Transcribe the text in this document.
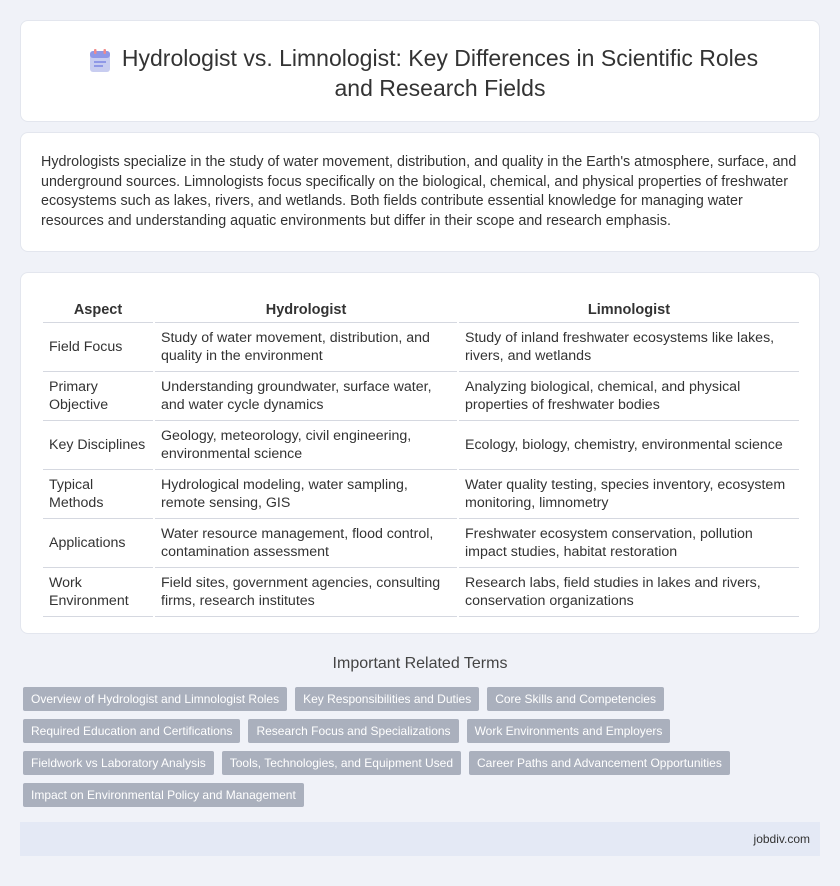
Hydrologist vs. Limnologist: Key Differences in Scientific Roles and Research Fields

Hydrologists specialize in the study of water movement, distribution, and quality in the Earth's atmosphere, surface, and underground sources. Limnologists focus specifically on the biological, chemical, and physical properties of freshwater ecosystems such as lakes, rivers, and wetlands. Both fields contribute essential knowledge for managing water resources and understanding aquatic environments but differ in their scope and research emphasis.

Aspect	Hydrologist	Limnologist
Field Focus	Study of water movement, distribution, and quality in the environment	Study of inland freshwater ecosystems like lakes, rivers, and wetlands
Primary Objective	Understanding groundwater, surface water, and water cycle dynamics	Analyzing biological, chemical, and physical properties of freshwater bodies
Key Disciplines	Geology, meteorology, civil engineering, environmental science	Ecology, biology, chemistry, environmental science
Typical Methods	Hydrological modeling, water sampling, remote sensing, GIS	Water quality testing, species inventory, ecosystem monitoring, limnometry
Applications	Water resource management, flood control, contamination assessment	Freshwater ecosystem conservation, pollution impact studies, habitat restoration
Work Environment	Field sites, government agencies, consulting firms, research institutes	Research labs, field studies in lakes and rivers, conservation organizations
Important Related Terms
Overview of Hydrologist and Limnologist Roles	Key Responsibilities and Duties	Core Skills and Competencies
Required Education and Certifications	Research Focus and Specializations	Work Environments and Employers
Fieldwork vs Laboratory Analysis	Tools, Technologies, and Equipment Used	Career Paths and Advancement Opportunities
Impact on Environmental Policy and Management
jobdiv.com
